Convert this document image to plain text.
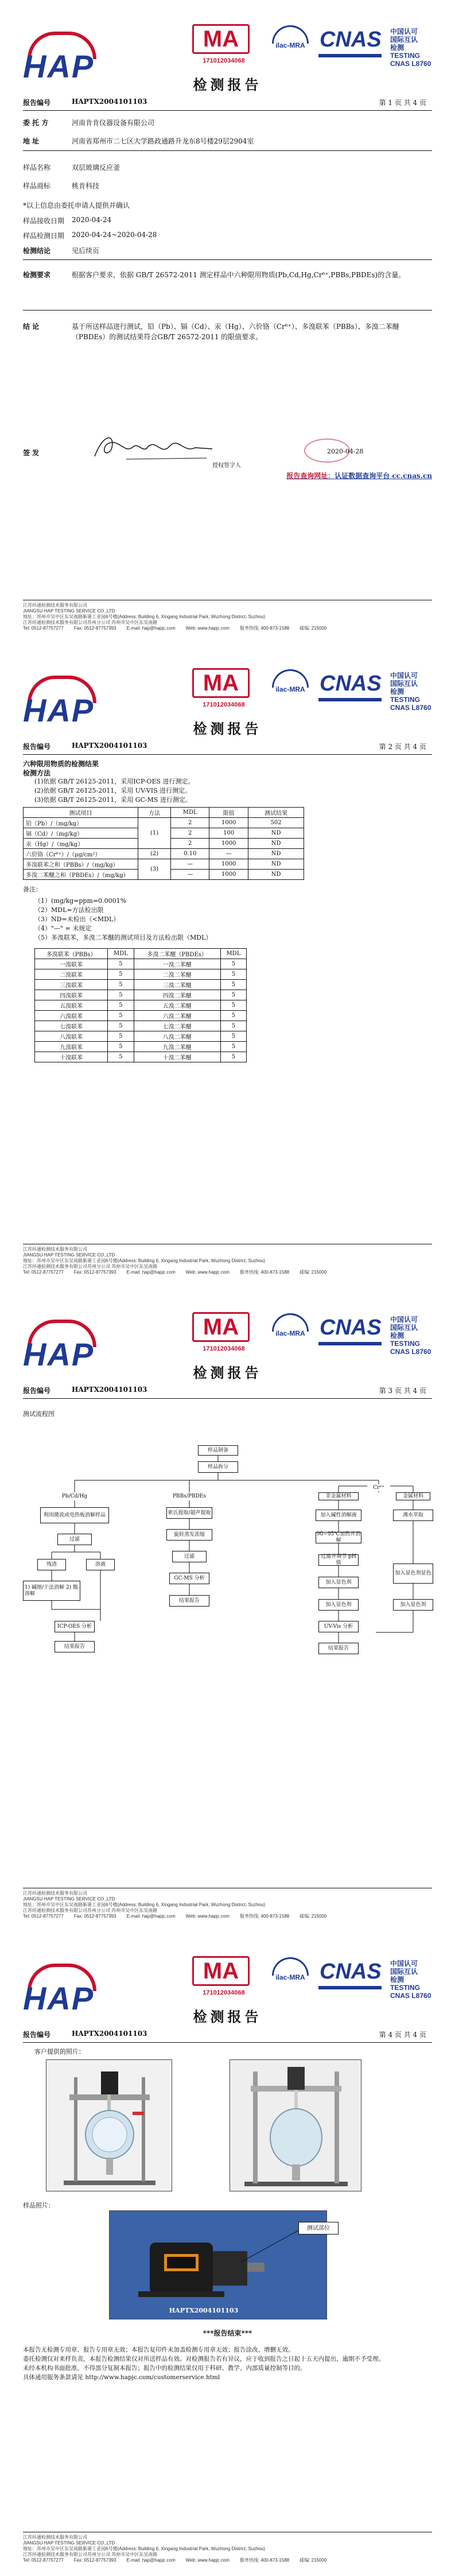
HAP
MA
171012034068
ilac-MRA CNAS 中国认可
国际互认
检测
TESTING
CNAS L8760
检测报告
报告编号	HAPTX2004101103	第 1 页 共 4 页
委 托 方	河南肯肯仪器设备有限公司
地 址	河南省郑州市二七区大学路政通路升龙东8号楼29层2904室
样品名称	双层玻璃反应釜
样品商标	桃肯科技
*以上信息由委托申请人提供并确认
样品接收日期	2020-04-24
样品检测日期	2020-04-24~2020-04-28
检测结论	见后续页
检测要求	根据客户要求，依据 GB/T 26572-2011 测定样品中六种限用物质(Pb,Cd,Hg,Cr⁶⁺,PBBs,PBDEs)的含量。
结 论	基于所送样品进行测试，铅（Pb）、镉（Cd）、汞（Hg）、六价铬（Cr⁶⁺）、多溴联苯（PBBs）、多溴二苯醚（PBDEs）的测试结果符合GB/T 26572-2011 的限值要求。
签 发	2020-04-28
授权签字人
报告查询网址：认证数据查询平台 cc.cnas.cn
江苏环通检测技术服务有限公司
JIANGSU HAP TESTING SERVICE CO.,LTD
地址：苏州市吴中区东吴南路新港工业园6号楼(Address: Building 6, Xingang Industrial Park, Wuzhong District, Suzhou)
江苏环通检测技术服务有限公司苏州分公司 苏州市吴中区东吴南路
Tel: 0512-87757277 Fax: 0512-87757393 E-mail: hap@hapjc.com Web: www.hapjc.com 服务热线: 400-873-1588 邮编: 215000
HAP
MA
171012034068
ilac-MRA CNAS 中国认可
国际互认
检测
TESTING
CNAS L8760
检测报告
报告编号	HAPTX2004101103	第 2 页 共 4 页
六种限用物质的检测结果
检测方法
(1)依据 GB/T 26125-2011，采用ICP-OES 进行测定。
(2)依据 GB/T 26125-2011，采用 UV-VIS 进行测定。
(3)依据 GB/T 26125-2011，采用 GC-MS 进行测定。
测试项目	方法	MDL	限值	测试结果
铅（Pb）/（mg/kg）	(1)	2	1000	502
镉（Cd）/（mg/kg）		2	100	ND
汞（Hg）/（mg/kg）		2	1000	ND
六价铬（Cr⁶⁺）/（μg/cm²）	(2)	0.10	—	ND
多溴联苯之和（PBBs）/（mg/kg）	(3)	—	1000	ND
多溴二苯醚之和（PBDEs）/（mg/kg）		—	1000	ND
备注：
（1）(mg/kg=ppm=0.0001%
（2）MDL=方法检出限
（3）ND=未检出（<MDL）
（4）"—" = 未规定
（5）多溴联苯，多溴二苯醚的测试项目及方法检出限（MDL）
多溴联苯（PBBs）	MDL	多溴二苯醚（PBDEs）	MDL
一溴联苯	5	一溴二苯醚	5
二溴联苯	5	二溴二苯醚	5
三溴联苯	5	三溴二苯醚	5
四溴联苯	5	四溴二苯醚	5
五溴联苯	5	五溴二苯醚	5
六溴联苯	5	六溴二苯醚	5
七溴联苯	5	七溴二苯醚	5
八溴联苯	5	八溴二苯醚	5
九溴联苯	5	九溴二苯醚	5
十溴联苯	5	十溴二苯醚	5
江苏环通检测技术服务有限公司
JIANGSU HAP TESTING SERVICE CO.,LTD
地址：苏州市吴中区东吴南路新港工业园6号楼(Address: Building 6, Xingang Industrial Park, Wuzhong District, Suzhou)
江苏环通检测技术服务有限公司苏州分公司 苏州市吴中区东吴南路
Tel: 0512-87757277 Fax: 0512-87757393 E-mail: hap@hapjc.com Web: www.hapjc.com 服务热线: 400-873-1588 邮编: 215000
HAP
MA
171012034068
ilac-MRA CNAS 中国认可
国际互认
检测
TESTING
CNAS L8760
检测报告
报告编号	HAPTX2004101103	第 3 页 共 4 页
测试流程图
样品制备
样品拆分
Pb/Cd/Hg	PBBs/PBDEs
Cr⁶⁺
利用微波或电热板消解样品
过滤
残渣	溶液
1) 碱熔/干法消解 2) 酸溶解
ICP-OES 分析
结果报告
索氏提取/超声提取
旋转蒸发浓缩
过滤
GC-MS 分析
结果报告
非金属材料	金属材料
加入碱性消解液	沸水萃取
90~95℃加热并消解
过滤并调节 pH 值
加入显色剂
加入显色剂显色
加入显色剂	加入显色剂
UV-Vis 分析
结果报告
江苏环通检测技术服务有限公司
JIANGSU HAP TESTING SERVICE CO.,LTD
地址：苏州市吴中区东吴南路新港工业园6号楼(Address: Building 6, Xingang Industrial Park, Wuzhong District, Suzhou)
江苏环通检测技术服务有限公司苏州分公司 苏州市吴中区东吴南路
Tel: 0512-87757277 Fax: 0512-87757393 E-mail: hap@hapjc.com Web: www.hapjc.com 服务热线: 400-873-1588 邮编: 215000
HAP
MA
171012034068
ilac-MRA CNAS 中国认可
国际互认
检测
TESTING
CNAS L8760
检测报告
报告编号	HAPTX2004101103	第 4 页 共 4 页
客户提供的照片：
样品照片：
测试部位
HAPTX2004101103
***报告结束***
本报告无检测专用章、报告专用章无效；本报告复印件未加盖检测专用章无效；报告涂改、增删无效。
委托检测仅对来样负责，本报告检测结果仅对所送样品有效。对检测报告若有异议，应于收到报告之日起十五天内提出，逾期不予受理。
未经本机构书面批准，不得部分复制本报告；报告中的检测结果仅用于科研、教学、内部质量控制等目的。
具体通用服务条款请见 http://www.hapjc.com/customerservice.html
江苏环通检测技术服务有限公司
JIANGSU HAP TESTING SERVICE CO.,LTD
地址：苏州市吴中区东吴南路新港工业园6号楼(Address: Building 6, Xingang Industrial Park, Wuzhong District, Suzhou)
江苏环通检测技术服务有限公司苏州分公司 苏州市吴中区东吴南路
Tel: 0512-87757277 Fax: 0512-87757393 E-mail: hap@hapjc.com Web: www.hapjc.com 服务热线: 400-873-1588 邮编: 215000
